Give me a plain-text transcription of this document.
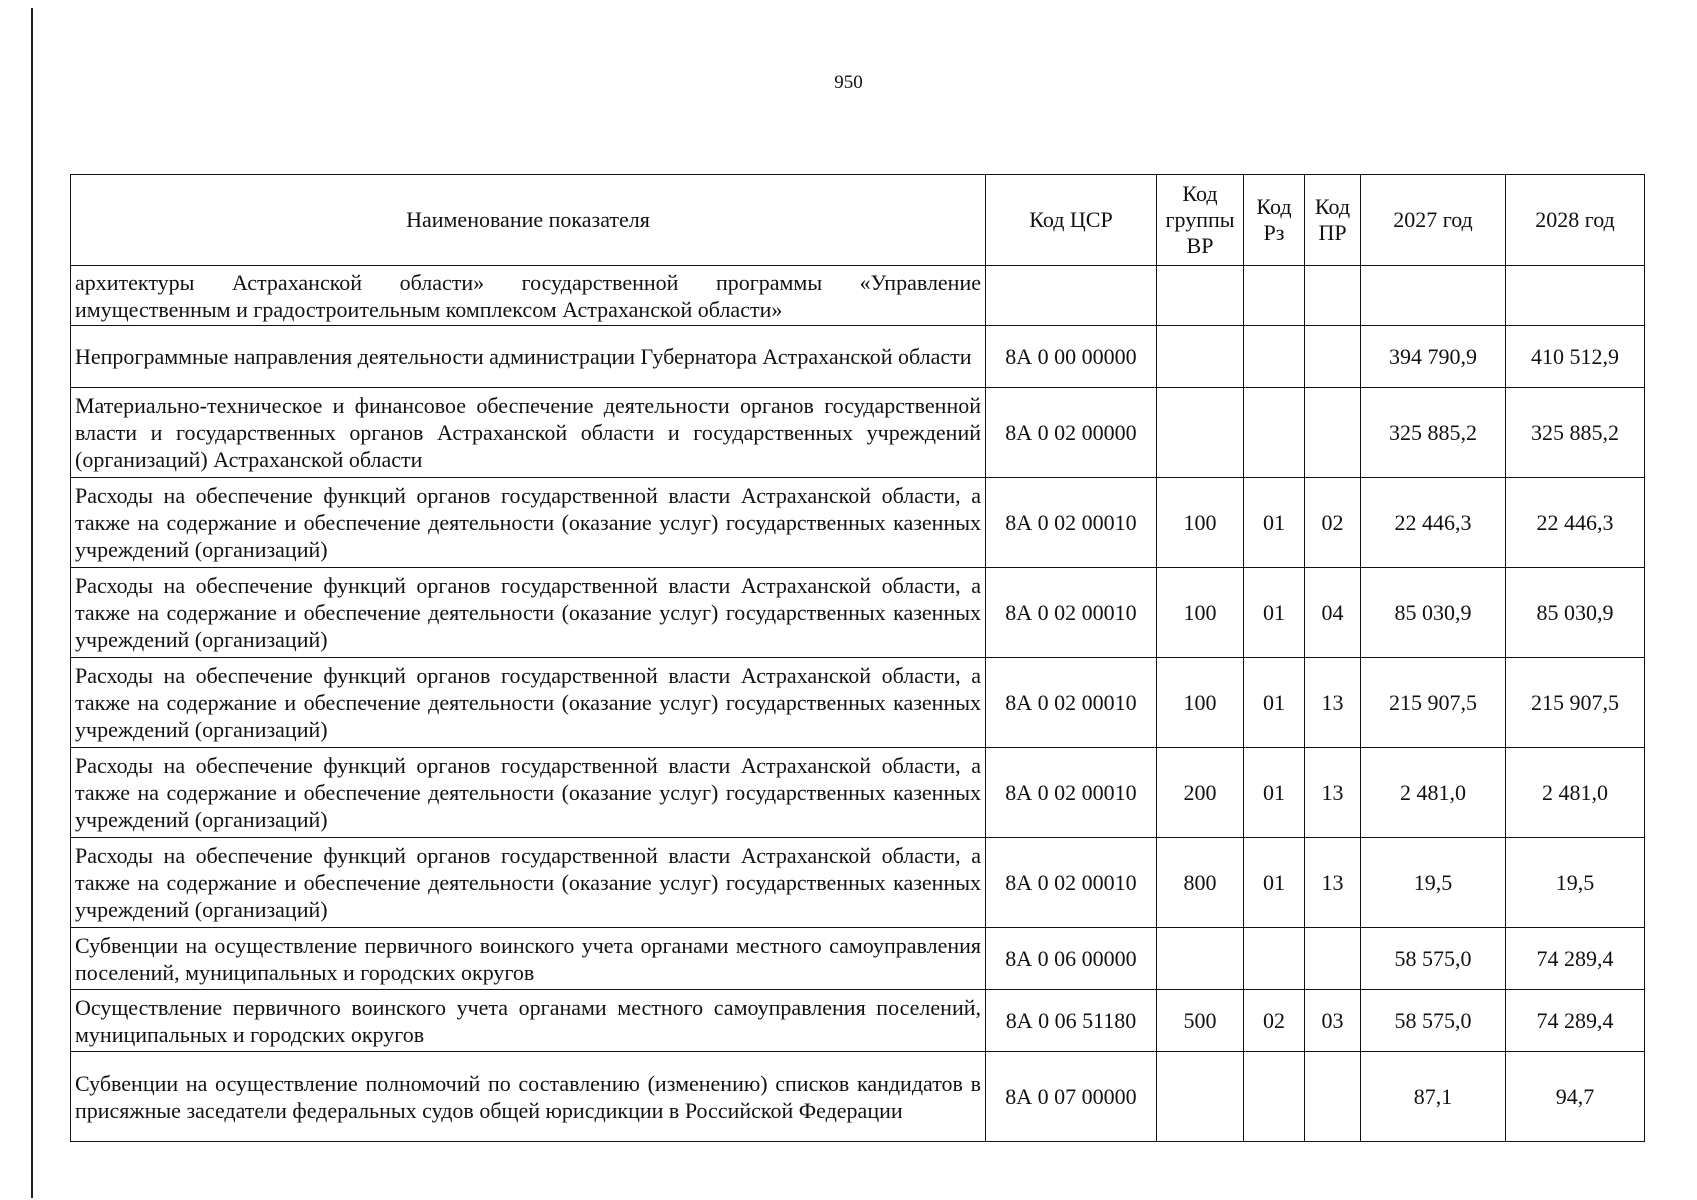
950
Наименование показателя	Код ЦСР	Код группы ВР	Код Рз	Код ПР	2027 год	2028 год
архитектуры Астраханской области» государственной программы «Управление имущественным и градостроительным комплексом Астраханской области»						
Непрограммные направления деятельности администрации Губернатора Астраханской области	8А 0 00 00000				394 790,9	410 512,9
Материально-техническое и финансовое обеспечение деятельности органов государственной власти и государственных органов Астраханской области и государственных учреждений (организаций) Астраханской области	8А 0 02 00000				325 885,2	325 885,2
Расходы на обеспечение функций органов государственной власти Астраханской области, а также на содержание и обеспечение деятельности (оказание услуг) государственных казенных учреждений (организаций)	8А 0 02 00010	100	01	02	22 446,3	22 446,3
Расходы на обеспечение функций органов государственной власти Астраханской области, а также на содержание и обеспечение деятельности (оказание услуг) государственных казенных учреждений (организаций)	8А 0 02 00010	100	01	04	85 030,9	85 030,9
Расходы на обеспечение функций органов государственной власти Астраханской области, а также на содержание и обеспечение деятельности (оказание услуг) государственных казенных учреждений (организаций)	8А 0 02 00010	100	01	13	215 907,5	215 907,5
Расходы на обеспечение функций органов государственной власти Астраханской области, а также на содержание и обеспечение деятельности (оказание услуг) государственных казенных учреждений (организаций)	8А 0 02 00010	200	01	13	2 481,0	2 481,0
Расходы на обеспечение функций органов государственной власти Астраханской области, а также на содержание и обеспечение деятельности (оказание услуг) государственных казенных учреждений (организаций)	8А 0 02 00010	800	01	13	19,5	19,5
Субвенции на осуществление первичного воинского учета органами местного самоуправления поселений, муниципальных и городских округов	8А 0 06 00000				58 575,0	74 289,4
Осуществление первичного воинского учета органами местного самоуправления поселений, муниципальных и городских округов	8А 0 06 51180	500	02	03	58 575,0	74 289,4
Субвенции на осуществление полномочий по составлению (изменению) списков кандидатов в присяжные заседатели федеральных судов общей юрисдикции в Российской Федерации	8А 0 07 00000				87,1	94,7
